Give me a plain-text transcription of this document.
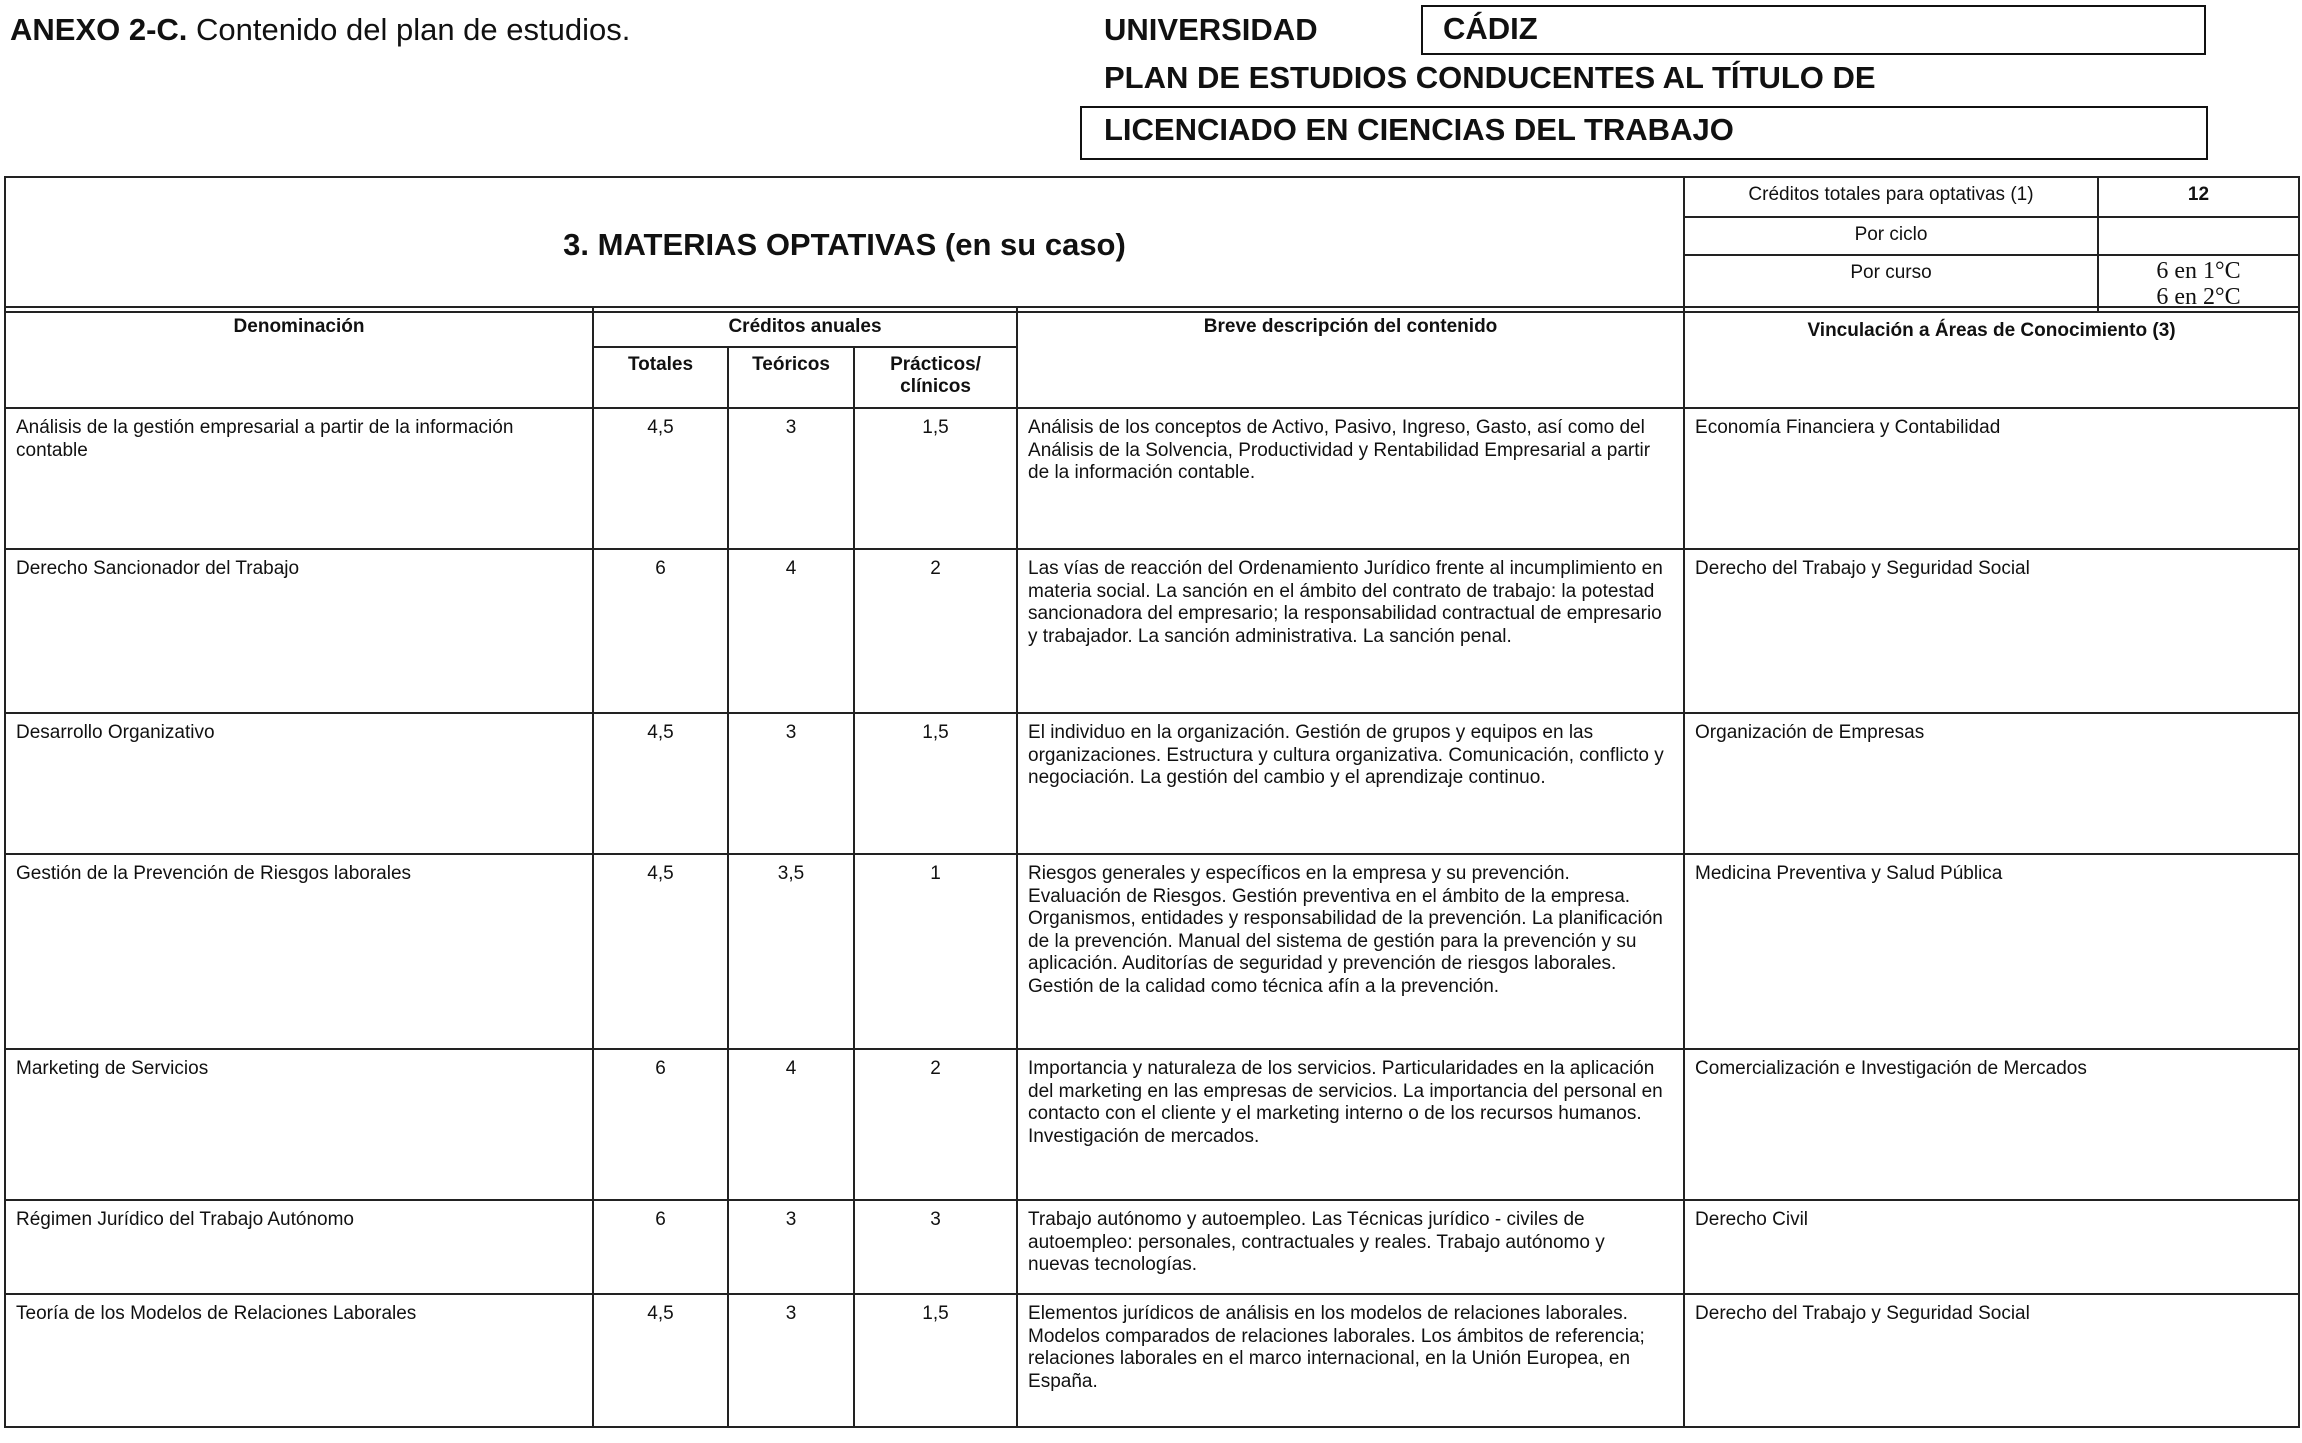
ANEXO 2-C. Contenido del plan de estudios.	UNIVERSIDAD	CÁDIZ
PLAN DE ESTUDIOS CONDUCENTES AL TÍTULO DE
LICENCIADO EN CIENCIAS DEL TRABAJO
3. MATERIAS OPTATIVAS (en su caso)	Créditos totales para optativas (1)	12
	Por ciclo	
	Por curso	6 en 1°C
6 en 2°C
Denominación	Créditos anuales			Breve descripción del contenido	Vinculación a Áreas de Conocimiento (3)
	Totales	Teóricos	Prácticos/
clínicos		

Análisis de la gestión empresarial a partir de la información contable	4,5	3	1,5	Análisis de los conceptos de Activo, Pasivo, Ingreso, Gasto, así como del Análisis de la Solvencia, Productividad y Rentabilidad Empresarial a partir de la información contable.	Economía Financiera y Contabilidad
Derecho Sancionador del Trabajo	6	4	2	Las vías de reacción del Ordenamiento Jurídico frente al incumplimiento en materia social. La sanción en el ámbito del contrato de trabajo: la potestad sancionadora del empresario; la responsabilidad contractual de empresario y trabajador. La sanción administrativa. La sanción penal.	Derecho del Trabajo y Seguridad Social
Desarrollo Organizativo	4,5	3	1,5	El individuo en la organización. Gestión de grupos y equipos en las organizaciones. Estructura y cultura organizativa. Comunicación, conflicto y negociación. La gestión del cambio y el aprendizaje continuo.	Organización de Empresas
Gestión de la Prevención de Riesgos laborales	4,5	3,5	1	Riesgos generales y específicos en la empresa y su prevención. Evaluación de Riesgos. Gestión preventiva en el ámbito de la empresa. Organismos, entidades y responsabilidad de la prevención. La planificación de la prevención. Manual del sistema de gestión para la prevención y su aplicación. Auditorías de seguridad y prevención de riesgos laborales. Gestión de la calidad como técnica afín a la prevención.	Medicina Preventiva y Salud Pública
Marketing de Servicios	6	4	2	Importancia y naturaleza de los servicios. Particularidades en la aplicación del marketing en las empresas de servicios. La importancia del personal en contacto con el cliente y el marketing interno o de los recursos humanos. Investigación de mercados.	Comercialización e Investigación de Mercados
Régimen Jurídico del Trabajo Autónomo	6	3	3	Trabajo autónomo y autoempleo. Las Técnicas jurídico - civiles de autoempleo: personales, contractuales y reales. Trabajo autónomo y nuevas tecnologías.	Derecho Civil
Teoría de los Modelos de Relaciones Laborales	4,5	3	1,5	Elementos jurídicos de análisis en los modelos de relaciones laborales. Modelos comparados de relaciones laborales. Los ámbitos de referencia; relaciones laborales en el marco internacional, en la Unión Europea, en España.	Derecho del Trabajo y Seguridad Social
